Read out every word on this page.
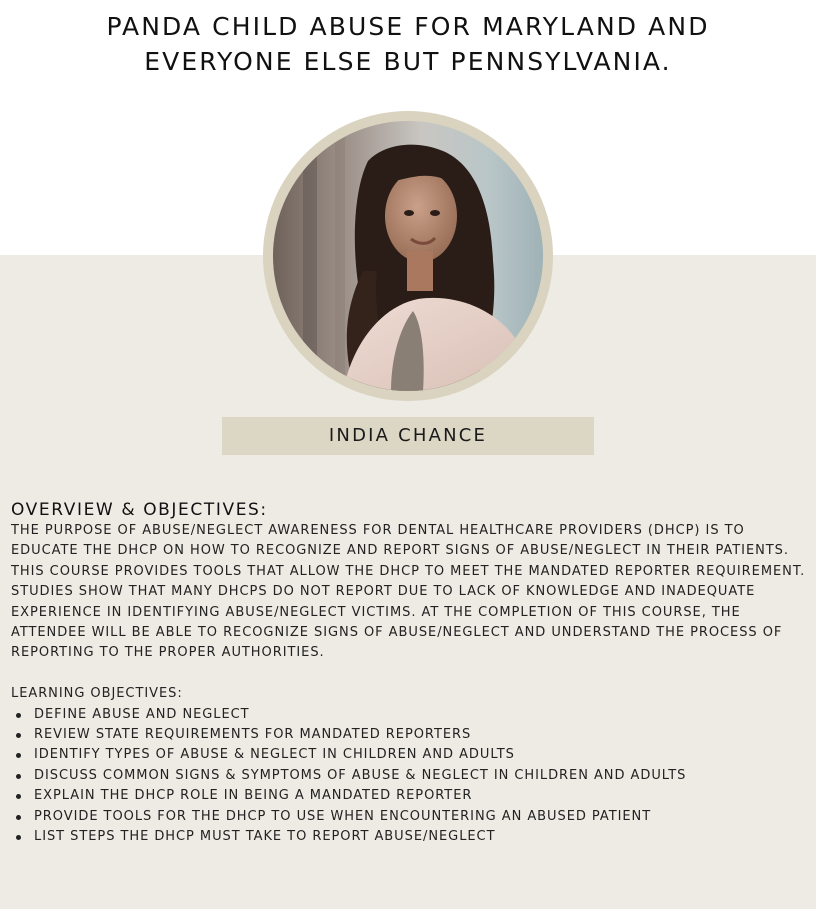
PANDA CHILD ABUSE FOR MARYLAND AND EVERYONE ELSE BUT PENNSYLVANIA.
INDIA CHANCE
OVERVIEW & OBJECTIVES:

THE PURPOSE OF ABUSE/NEGLECT AWARENESS FOR DENTAL HEALTHCARE PROVIDERS (DHCP) IS TO EDUCATE THE DHCP ON HOW TO RECOGNIZE AND REPORT SIGNS OF ABUSE/NEGLECT IN THEIR PATIENTS. THIS COURSE PROVIDES TOOLS THAT ALLOW THE DHCP TO MEET THE MANDATED REPORTER REQUIREMENT. STUDIES SHOW THAT MANY DHCPS DO NOT REPORT DUE TO LACK OF KNOWLEDGE AND INADEQUATE EXPERIENCE IN IDENTIFYING ABUSE/NEGLECT VICTIMS. AT THE COMPLETION OF THIS COURSE, THE ATTENDEE WILL BE ABLE TO RECOGNIZE SIGNS OF ABUSE/NEGLECT AND UNDERSTAND THE PROCESS OF REPORTING TO THE PROPER AUTHORITIES.

LEARNING OBJECTIVES:

DEFINE ABUSE AND NEGLECT
REVIEW STATE REQUIREMENTS FOR MANDATED REPORTERS
IDENTIFY TYPES OF ABUSE & NEGLECT IN CHILDREN AND ADULTS
DISCUSS COMMON SIGNS & SYMPTOMS OF ABUSE & NEGLECT IN CHILDREN AND ADULTS
EXPLAIN THE DHCP ROLE IN BEING A MANDATED REPORTER
PROVIDE TOOLS FOR THE DHCP TO USE WHEN ENCOUNTERING AN ABUSED PATIENT
LIST STEPS THE DHCP MUST TAKE TO REPORT ABUSE/NEGLECT
